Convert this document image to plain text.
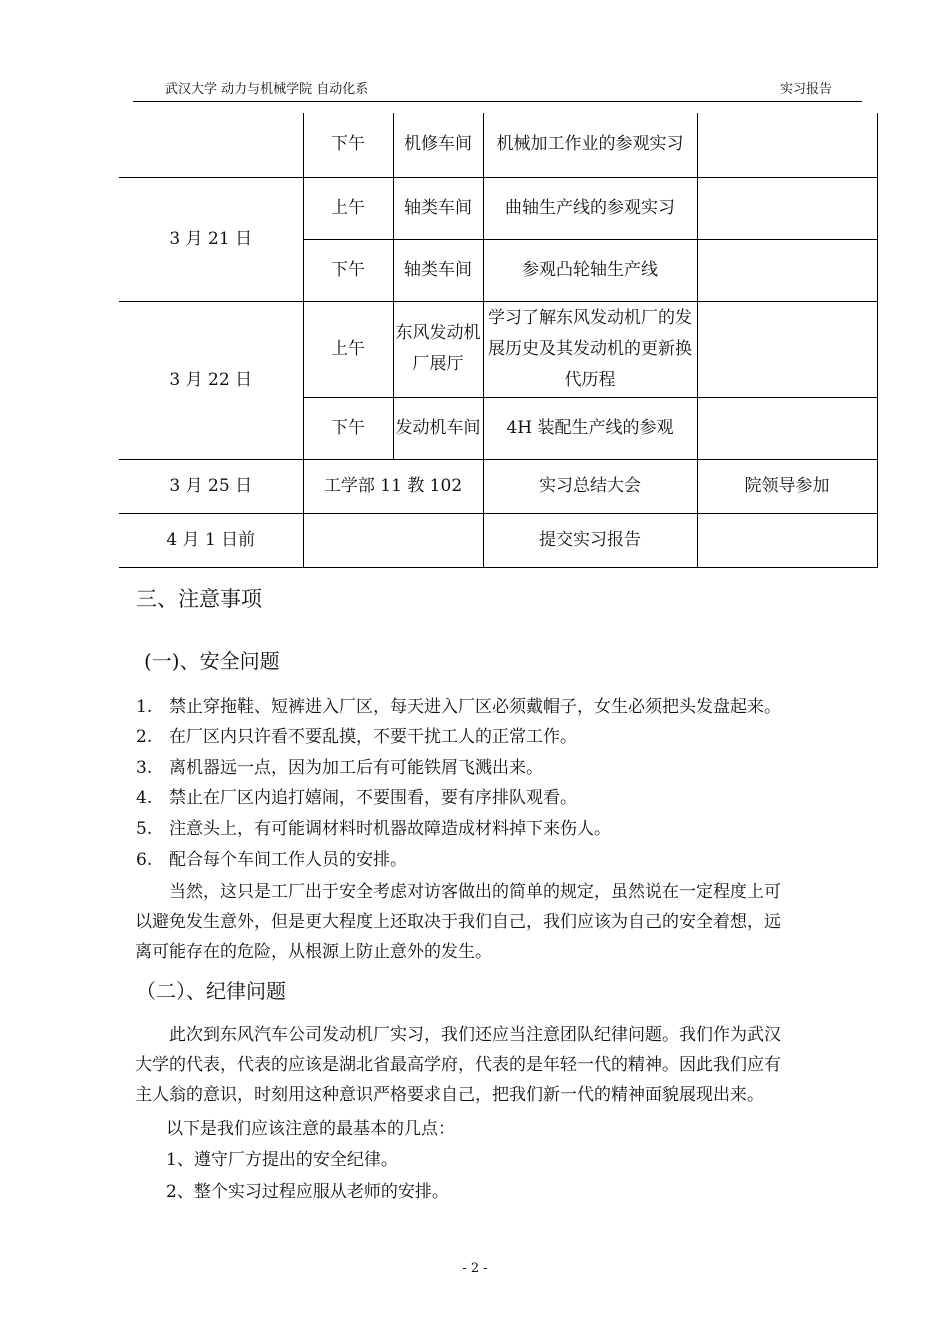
武汉大学 动力与机械学院 自动化系	实习报告
	下午	机修车间	机械加工作业的参观实习	
3 月 21 日	上午	轴类车间	曲轴生产线的参观实习	
	下午	轴类车间	参观凸轮轴生产线	
3 月 22 日	上午	东风发动机厂展厅	学习了解东风发动机厂的发展历史及其发动机的更新换代历程	
	下午	发动机车间	4H 装配生产线的参观	
3 月 25 日	工学部 11 教 102		实习总结大会	院领导参加
4 月 1 日前			提交实习报告	
三、注意事项
(一)、安全问题
1. 禁止穿拖鞋、短裤进入厂区，每天进入厂区必须戴帽子，女生必须把头发盘起来。
2. 在厂区内只许看不要乱摸，不要干扰工人的正常工作。
3. 离机器远一点，因为加工后有可能铁屑飞溅出来。
4. 禁止在厂区内追打嬉闹，不要围看，要有序排队观看。
5. 注意头上，有可能调材料时机器故障造成材料掉下来伤人。
6. 配合每个车间工作人员的安排。
　　当然，这只是工厂出于安全考虑对访客做出的简单的规定，虽然说在一定程度上可
以避免发生意外，但是更大程度上还取决于我们自己，我们应该为自己的安全着想，远
离可能存在的危险，从根源上防止意外的发生。
（二）、纪律问题
　　此次到东风汽车公司发动机厂实习，我们还应当注意团队纪律问题。我们作为武汉
大学的代表，代表的应该是湖北省最高学府，代表的是年轻一代的精神。因此我们应有
主人翁的意识，时刻用这种意识严格要求自己，把我们新一代的精神面貌展现出来。
以下是我们应该注意的最基本的几点：
1、遵守厂方提出的安全纪律。
2、整个实习过程应服从老师的安排。
- 2 -
